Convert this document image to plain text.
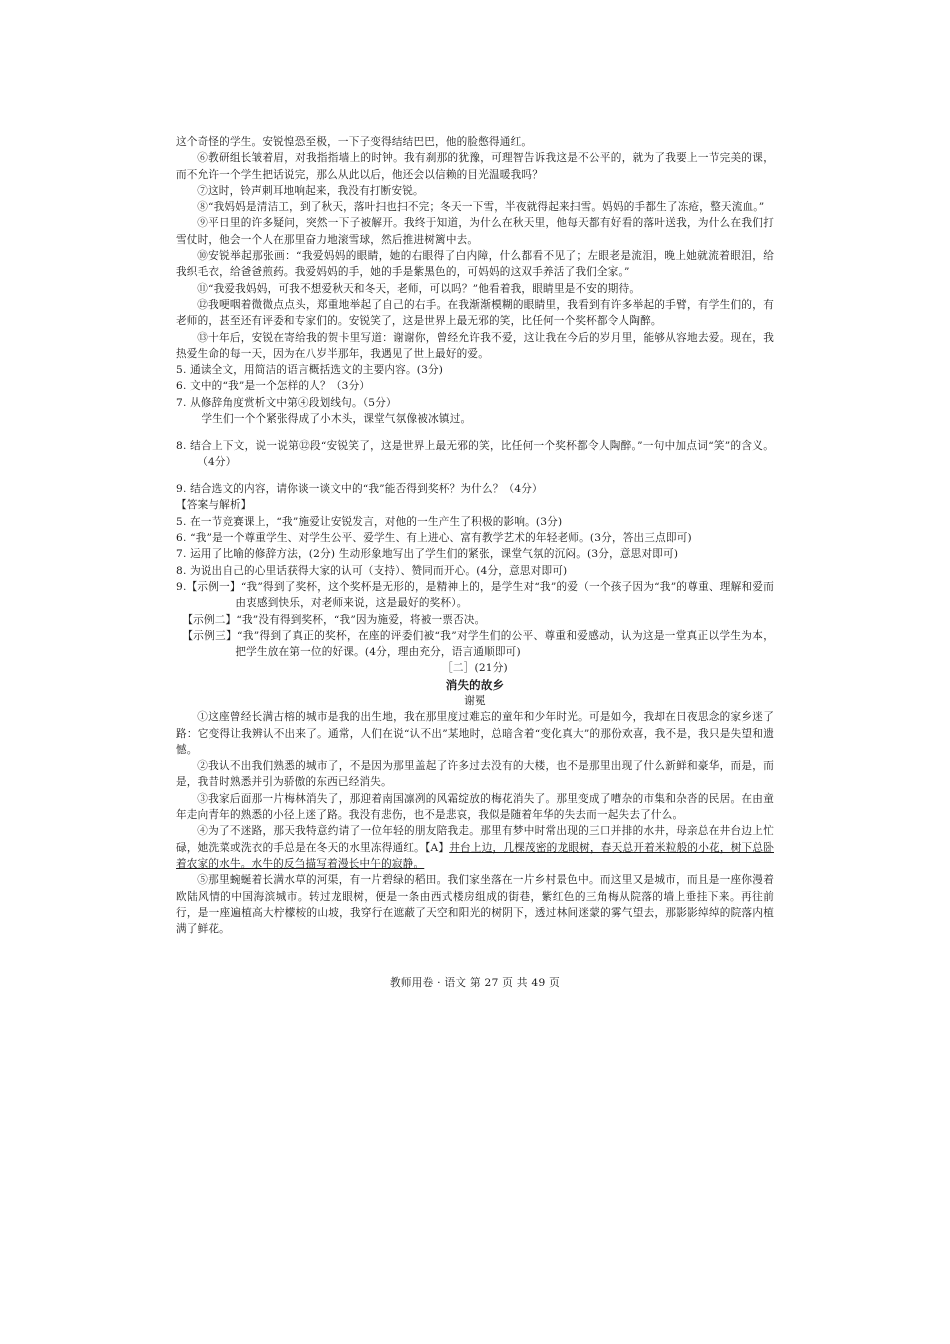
这个奇怪的学生。安锐惶恐至极，一下子变得结结巴巴，他的脸憋得通红。

⑥教研组长皱着眉，对我指指墙上的时钟。我有刹那的犹豫，可理智告诉我这是不公平的，就为了我要上一节完美的课，而不允许一个学生把话说完，那么从此以后，他还会以信赖的目光温暖我吗？

⑦这时，铃声刺耳地响起来，我没有打断安锐。

⑧“我妈妈是清洁工，到了秋天，落叶扫也扫不完；冬天一下雪，半夜就得起来扫雪。妈妈的手都生了冻疮，整天流血。”

⑨平日里的许多疑问，突然一下子被解开。我终于知道，为什么在秋天里，他每天都有好看的落叶送我，为什么在我们打雪仗时，他会一个人在那里奋力地滚雪球，然后推进树篱中去。

⑩安锐举起那张画：“我爱妈妈的眼睛，她的右眼得了白内障，什么都看不见了；左眼老是流泪，晚上她就流着眼泪，给我织毛衣，给爸爸煎药。我爱妈妈的手，她的手是紫黑色的，可妈妈的这双手养活了我们全家。”

⑪“我爱我妈妈，可我不想爱秋天和冬天，老师，可以吗？”他看着我，眼睛里是不安的期待。

⑫我哽咽着微微点点头，郑重地举起了自己的右手。在我渐渐模糊的眼睛里，我看到有许多举起的手臂，有学生们的，有老师的，甚至还有评委和专家们的。安锐笑了，这是世界上最无邪的笑，比任何一个奖杯都令人陶醉。

⑬十年后，安锐在寄给我的贺卡里写道：谢谢你，曾经允许我不爱，这让我在今后的岁月里，能够从容地去爱。现在，我热爱生命的每一天，因为在八岁半那年，我遇见了世上最好的爱。

5. 通读全文，用简洁的语言概括选文的主要内容。(3分)

6. 文中的“我”是一个怎样的人？（3分）

7. 从修辞角度赏析文中第④段划线句。（5分）

学生们一个个紧张得成了小木头，课堂气氛像被冰镇过。

8. 结合上下文，说一说第⑫段“安锐笑了，这是世界上最无邪的笑，比任何一个奖杯都令人陶醉。”一句中加点词“笑”的含义。（4分）

9. 结合选文的内容，请你谈一谈文中的“我”能否得到奖杯？为什么？（4分）

【答案与解析】

5. 在一节竞赛课上，“我”施爱让安锐发言，对他的一生产生了积极的影响。(3分)

6. “我”是一个尊重学生、对学生公平、爱学生、有上进心、富有教学艺术的年轻老师。(3分，答出三点即可)

7. 运用了比喻的修辞方法，(2分) 生动形象地写出了学生们的紧张，课堂气氛的沉闷。(3分，意思对即可)

8. 为说出自己的心里话获得大家的认可（支持）、赞同而开心。(4分，意思对即可)

9.【示例一】“我”得到了奖杯，这个奖杯是无形的，是精神上的，是学生对“我”的爱（一个孩子因为“我”的尊重、理解和爱而由衷感到快乐，对老师来说，这是最好的奖杯）。

【示例二】“我”没有得到奖杯，“我”因为施爱，将被一票否决。

【示例三】“我”得到了真正的奖杯，在座的评委们被“我”对学生们的公平、尊重和爱感动，认为这是一堂真正以学生为本，把学生放在第一位的好课。(4分，理由充分，语言通顺即可)

［二］(21分)

消失的故乡

谢冕

①这座曾经长满古榕的城市是我的出生地，我在那里度过难忘的童年和少年时光。可是如今，我却在日夜思念的家乡迷了路：它变得让我辨认不出来了。通常，人们在说“认不出”某地时，总暗含着“变化真大”的那份欢喜，我不是，我只是失望和遗憾。

②我认不出我们熟悉的城市了，不是因为那里盖起了许多过去没有的大楼，也不是那里出现了什么新鲜和豪华，而是，而是，我昔时熟悉并引为骄傲的东西已经消失。

③我家后面那一片梅林消失了，那迎着南国凛冽的风霜绽放的梅花消失了。那里变成了嘈杂的市集和杂沓的民居。在由童年走向青年的熟悉的小径上迷了路。我没有悲伤，也不是悲哀，我似是随着年华的失去而一起失去了什么。

④为了不迷路，那天我特意约请了一位年轻的朋友陪我走。那里有梦中时常出现的三口并排的水井，母亲总在井台边上忙碌，她洗菜或洗衣的手总是在冬天的水里冻得通红。【A】井台上边，几棵茂密的龙眼树，春天总开着米粒般的小花，树下总卧着农家的水牛。水牛的反刍描写着漫长中午的寂静。

⑤那里蜿蜒着长满水草的河渠，有一片碧绿的稻田。我们家坐落在一片乡村景色中。而这里又是城市，而且是一座你漫着欧陆风情的中国海滨城市。转过龙眼树，便是一条由西式楼房组成的街巷，紫红色的三角梅从院落的墙上垂挂下来。再往前行，是一座遍植高大柠檬桉的山坡，我穿行在遮蔽了天空和阳光的树阴下，透过林间迷蒙的雾气望去，那影影绰绰的院落内植满了鲜花。

教师用卷 · 语文 第 27 页 共 49 页
